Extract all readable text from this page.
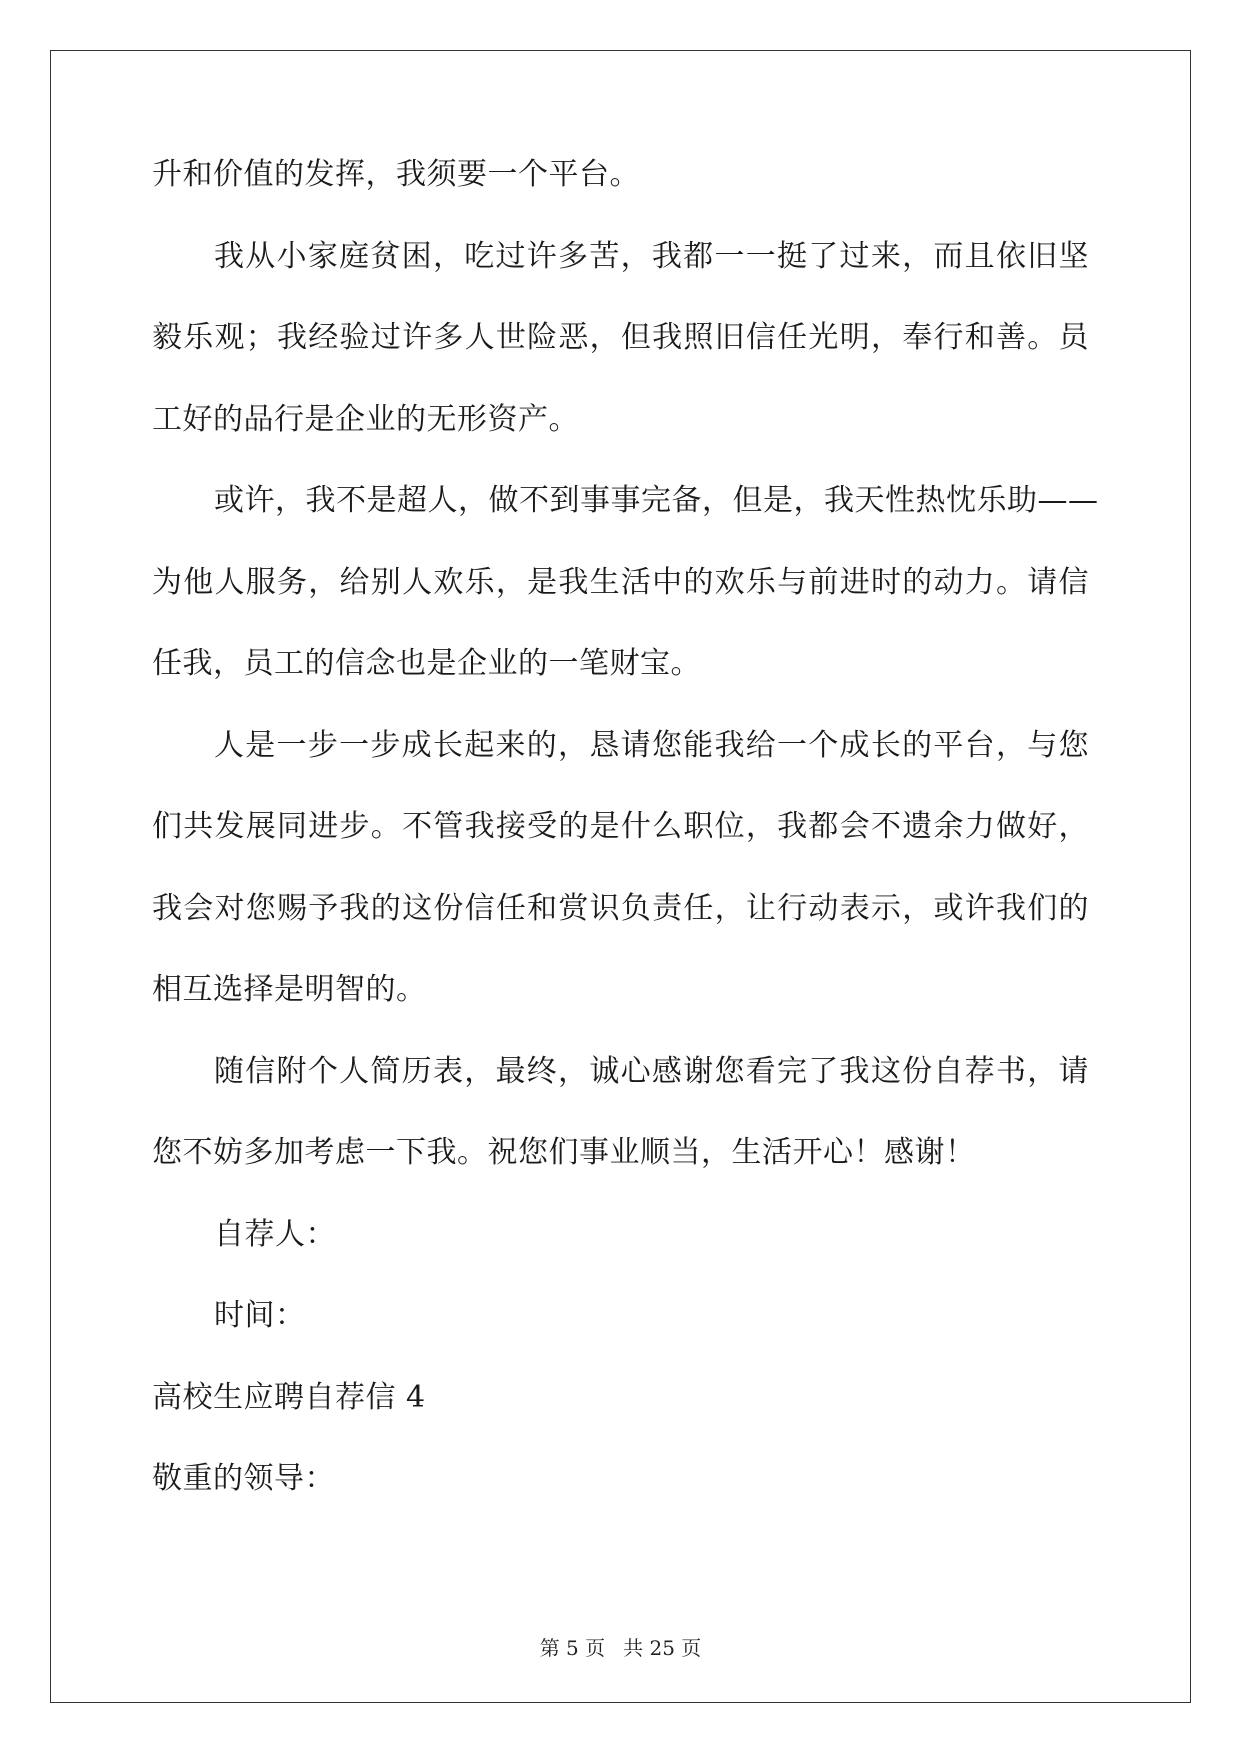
升和价值的发挥，我须要一个平台。
我从小家庭贫困，吃过许多苦，我都一一挺了过来，而且依旧坚
毅乐观；我经验过许多人世险恶，但我照旧信任光明，奉行和善。员
工好的品行是企业的无形资产。
或许，我不是超人，做不到事事完备，但是，我天性热忱乐助——
为他人服务，给别人欢乐，是我生活中的欢乐与前进时的动力。请信
任我，员工的信念也是企业的一笔财宝。
人是一步一步成长起来的，恳请您能我给一个成长的平台，与您
们共发展同进步。不管我接受的是什么职位，我都会不遗余力做好，
我会对您赐予我的这份信任和赏识负责任，让行动表示，或许我们的
相互选择是明智的。
随信附个人简历表，最终，诚心感谢您看完了我这份自荐书，请
您不妨多加考虑一下我。祝您们事业顺当，生活开心！感谢！
自荐人：
时间：
高校生应聘自荐信 4
敬重的领导：
第 5 页 共 25 页
